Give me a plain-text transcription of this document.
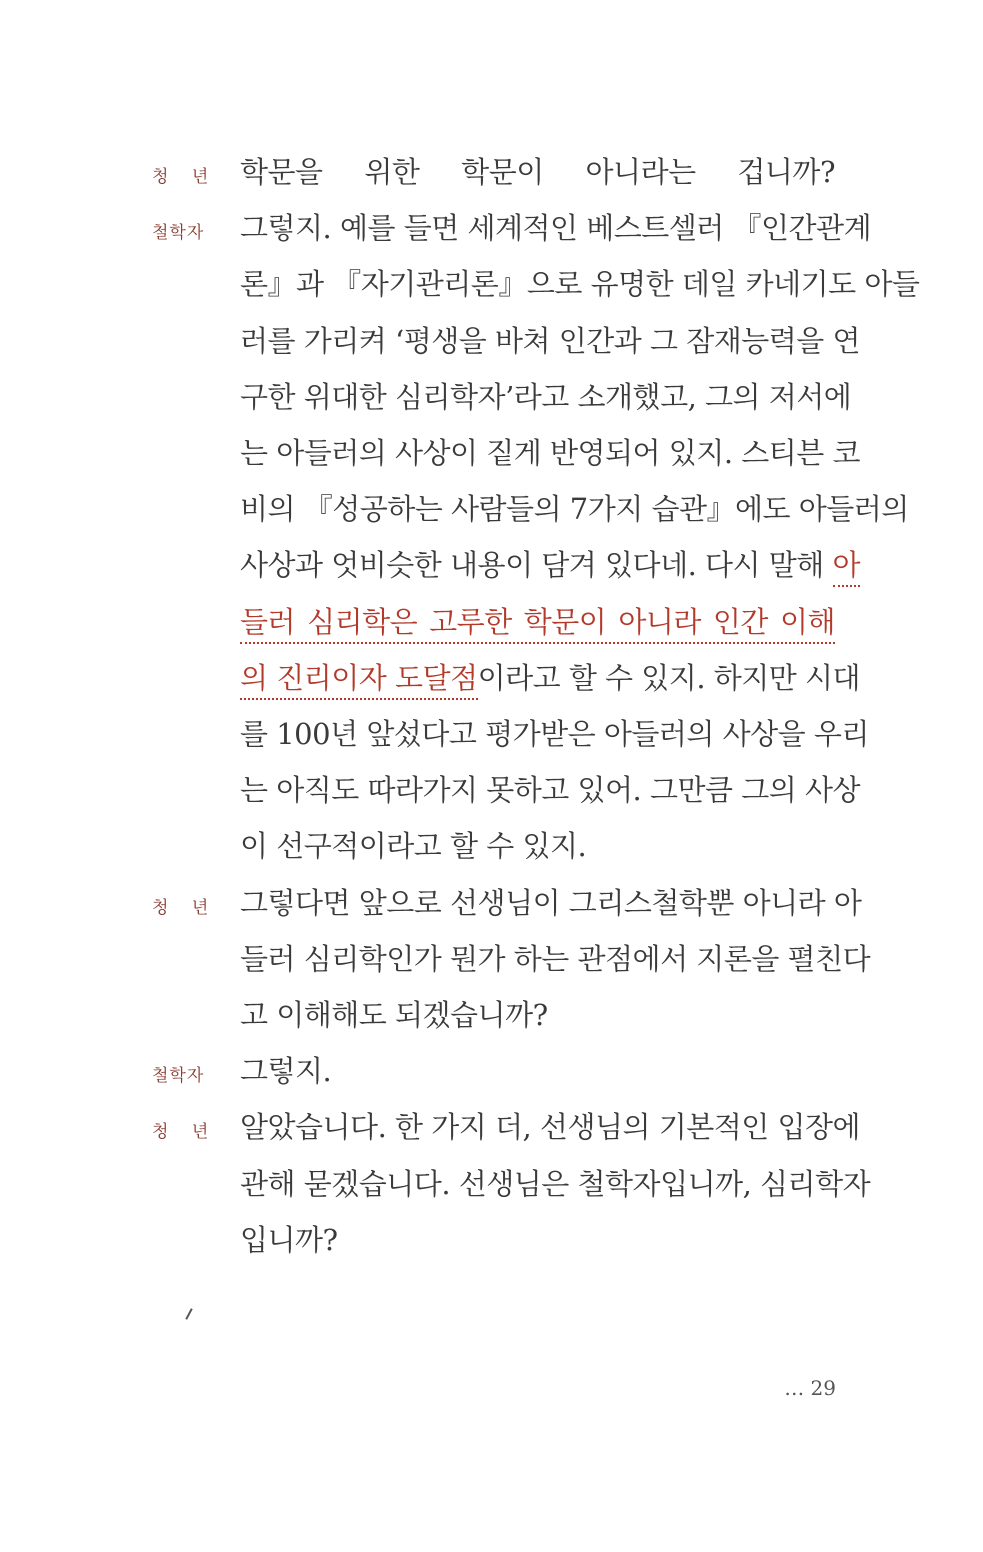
청 년 학문을 위한 학문이 아니라는 겁니까?
철학자	그렇지. 예를 들면 세계적인 베스트셀러 『인간관계
론』과 『자기관리론』으로 유명한 데일 카네기도 아들
러를 가리켜 ‘평생을 바쳐 인간과 그 잠재능력을 연
구한 위대한 심리학자’라고 소개했고, 그의 저서에
는 아들러의 사상이 짙게 반영되어 있지. 스티븐 코
비의 『성공하는 사람들의 7가지 습관』에도 아들러의
사상과 엇비슷한 내용이 담겨 있다네. 다시 말해 아
들러 심리학은 고루한 학문이 아니라 인간 이해
의 진리이자 도달점이라고 할 수 있지. 하지만 시대
를 100년 앞섰다고 평가받은 아들러의 사상을 우리
는 아직도 따라가지 못하고 있어. 그만큼 그의 사상
이 선구적이라고 할 수 있지.
청 년 그렇다면 앞으로 선생님이 그리스철학뿐 아니라 아
들러 심리학인가 뭔가 하는 관점에서 지론을 펼친다
고 이해해도 되겠습니까?
철학자	그렇지.
청 년 알았습니다. 한 가지 더, 선생님의 기본적인 입장에
관해 묻겠습니다. 선생님은 철학자입니까, 심리학자
입니까?
… 29
